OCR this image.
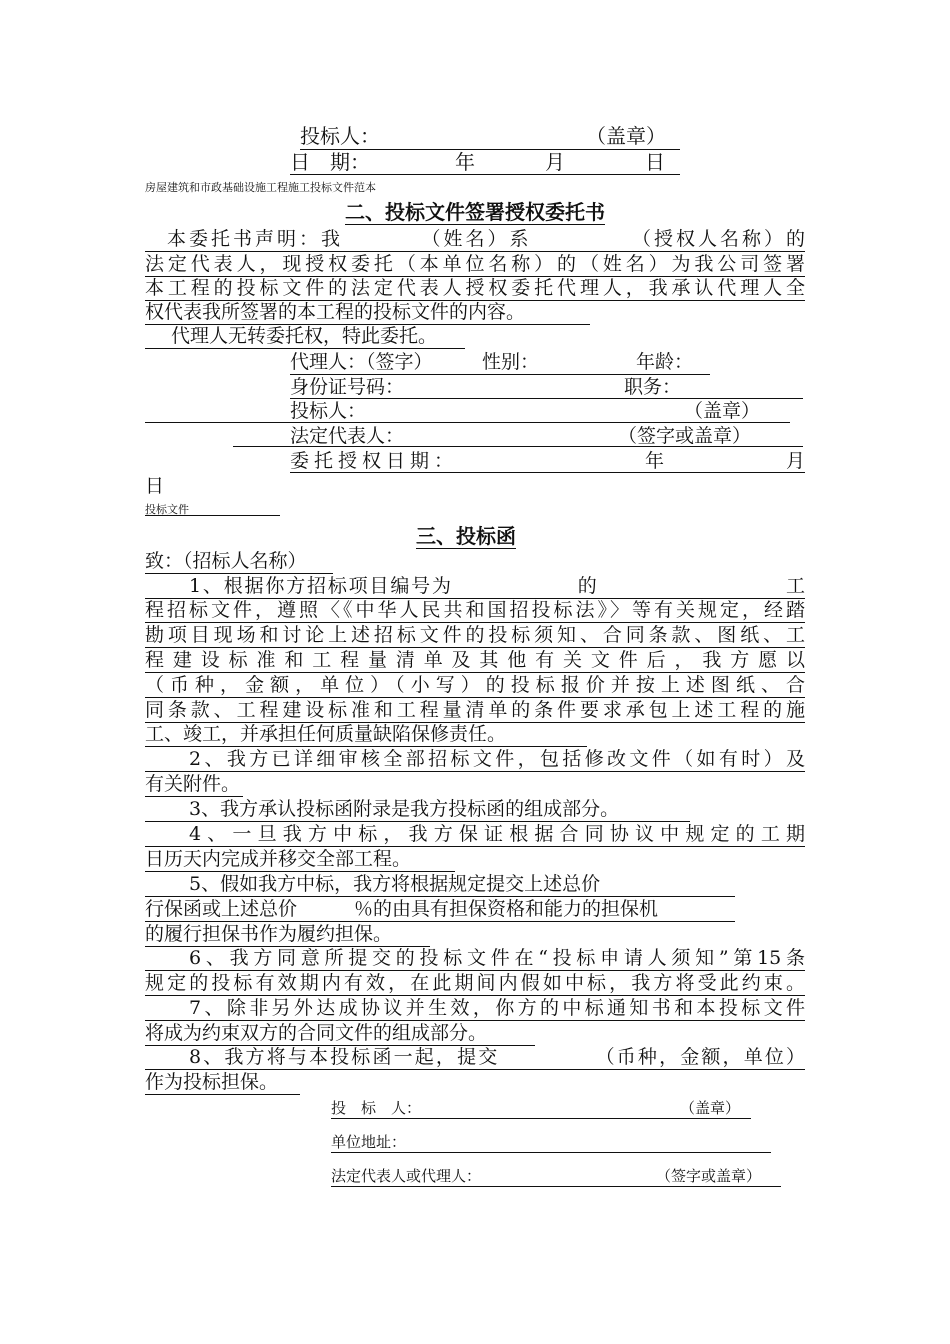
投标人：	（盖章）
日　期：	年	月	日
房屋建筑和市政基础设施工程施工投标文件范本
二、投标文件签署授权委托书
本委托书声明：我　　　　（姓名）系　　　　　（授权人名称）的
法定代表人，现授权委托（本单位名称）的（姓名）为我公司签署
本工程的投标文件的法定代表人授权委托代理人，我承认代理人全
权代表我所签署的本工程的投标文件的内容。
代理人无转委托权，特此委托。
代理人：（签字）	性别：	年龄：
身份证号码：	职务：
投标人：	（盖章）
法定代表人：	（签字或盖章）
委托授权日期：	年	月
日
投标文件
三、投标函
致：（招标人名称）
1、根据你方招标项目编号为　　　　　　的　　　　　　　　　工
程招标文件，遵照〈《中华人民共和国招投标法》〉等有关规定，经踏
勘项目现场和讨论上述招标文件的投标须知、合同条款、图纸、工
程建设标准和工程量清单及其他有关文件后，我方愿以
（币种，金额，单位）（小写）的投标报价并按上述图纸、合
同条款、工程建设标准和工程量清单的条件要求承包上述工程的施
工、竣工，并承担任何质量缺陷保修责任。
2、我方已详细审核全部招标文件，包括修改文件（如有时）及
有关附件。
3、我方承认投标函附录是我方投标函的组成部分。
4、一旦我方中标，我方保证根据合同协议中规定的工期
日历天内完成并移交全部工程。
5、假如我方中标，我方将根据规定提交上述总价
行保函或上述总价　　　％的由具有担保资格和能力的担保机
的履行担保书作为履约担保。
6、我方同意所提交的投标文件在“投标申请人须知”第15条
规定的投标有效期内有效，在此期间内假如中标，我方将受此约束。
7、除非另外达成协议并生效，你方的中标通知书和本投标文件
将成为约束双方的合同文件的组成部分。
8、我方将与本投标函一起，提交　　　　　（币种，金额，单位）
作为投标担保。
投　标　人：	（盖章）
单位地址：
法定代表人或代理人：	（签字或盖章）
